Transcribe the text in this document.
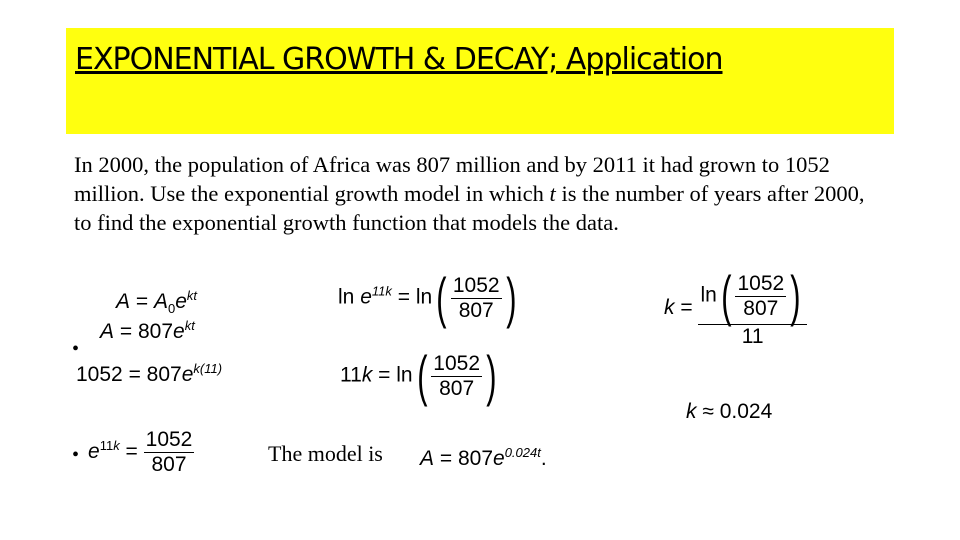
EXPONENTIAL GROWTH & DECAY; Application
In 2000, the population of Africa was 807 million and by 2011 it had grown to 1052 million. Use the exponential growth model in which t is the number of years after 2000, to find the exponential growth function that models the data.
$A = A_0e^{kt}$
$A = 807e^{kt}$
•
$1052 = 807e^{k(11)}$
• $e^{11k} = \frac{1052}{807}$
$\ln e^{11k} = \ln( \frac{1052}{807}$ )
$11k = \ln( \frac{1052}{807}$ )
$k = \frac{\ln( \frac{1052}{807} )}{11}$
k ≈ 0.024
The model is $A = 807e^{0.024t}$.
